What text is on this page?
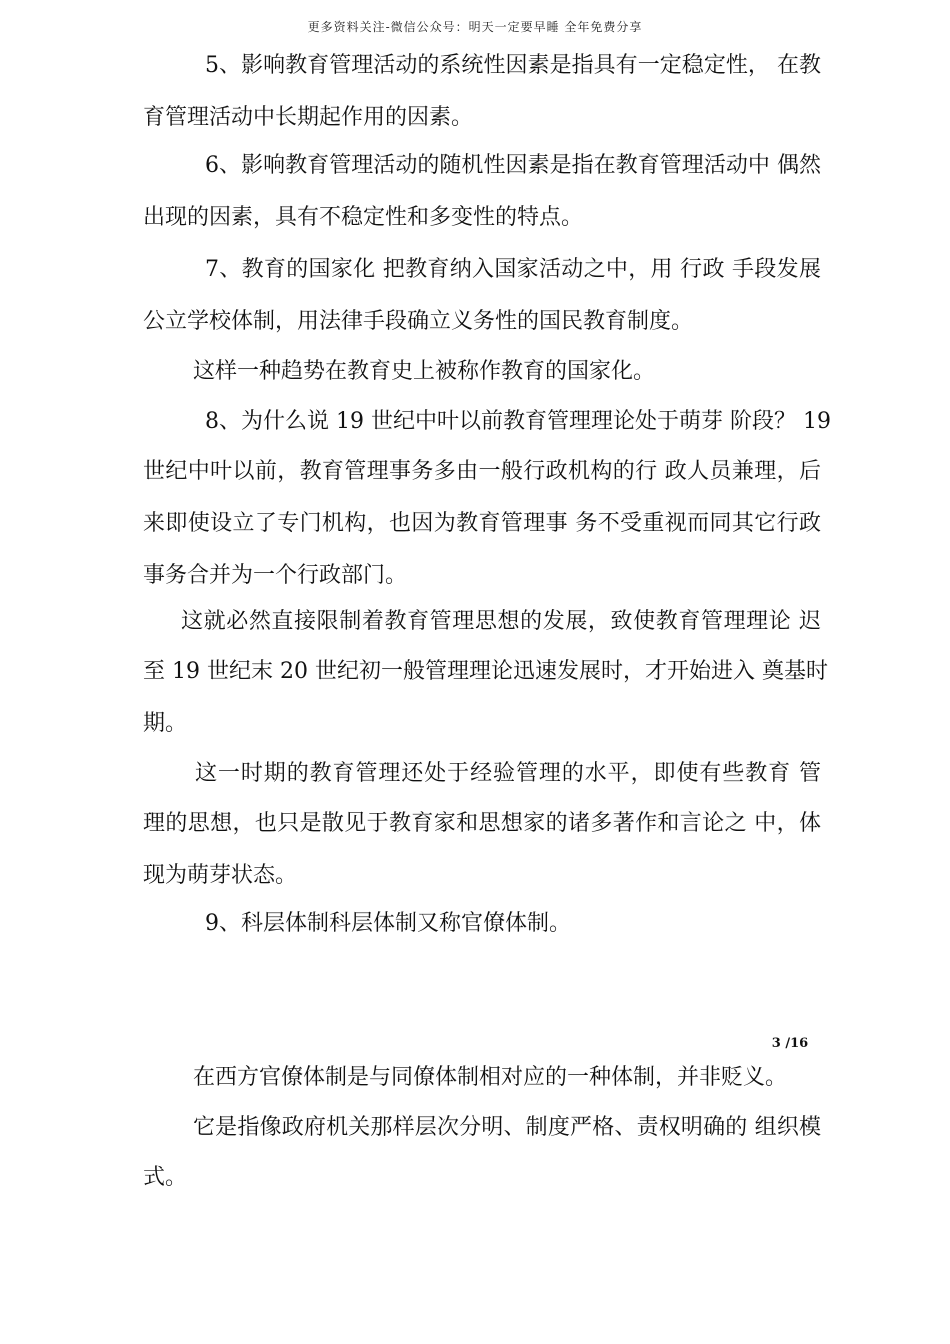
更多资料关注-微信公众号：明天一定要早睡 全年免费分享
5、影响教育管理活动的系统性因素是指具有一定稳定性， 在教
育管理活动中长期起作用的因素。
6、影响教育管理活动的随机性因素是指在教育管理活动中 偶然
出现的因素，具有不稳定性和多变性的特点。
7、教育的国家化 把教育纳入国家活动之中，用 行政 手段发展
公立学校体制，用法律手段确立义务性的国民教育制度。
这样一种趋势在教育史上被称作教育的国家化。
8、为什么说 19 世纪中叶以前教育管理理论处于萌芽 阶段？ 19
世纪中叶以前，教育管理事务多由一般行政机构的行 政人员兼理，后
来即使设立了专门机构，也因为教育管理事 务不受重视而同其它行政
事务合并为一个行政部门。
这就必然直接限制着教育管理思想的发展，致使教育管理理论 迟
至 19 世纪末 20 世纪初一般管理理论迅速发展时，才开始进入 奠基时
期。
这一时期的教育管理还处于经验管理的水平，即使有些教育 管
理的思想，也只是散见于教育家和思想家的诸多著作和言论之 中，体
现为萌芽状态。
9、科层体制科层体制又称官僚体制。
3 /16
在西方官僚体制是与同僚体制相对应的一种体制，并非贬义。
它是指像政府机关那样层次分明、制度严格、责权明确的 组织模
式。
